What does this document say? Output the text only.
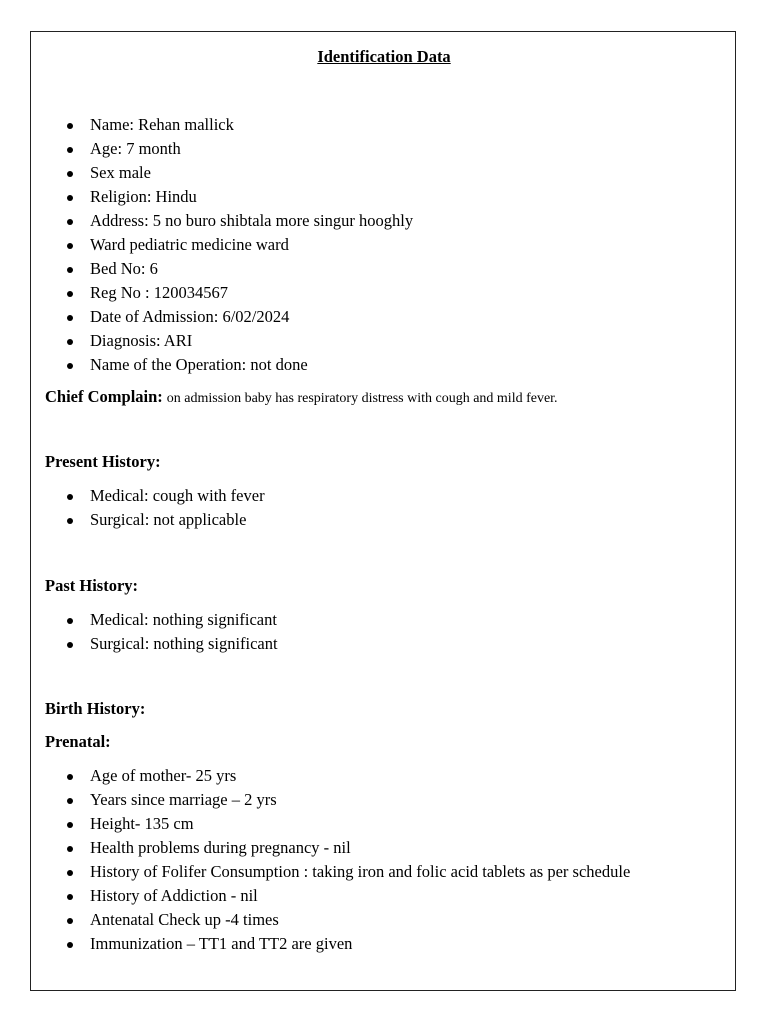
Identification Data
Name: Rehan mallick
Age: 7 month
Sex male
Religion: Hindu
Address: 5 no buro shibtala more singur hooghly
Ward pediatric medicine ward
Bed No: 6
Reg No : 120034567
Date of Admission: 6/02/2024
Diagnosis: ARI
Name of the Operation: not done
Chief Complain: on admission baby has respiratory distress with cough and mild fever.
Present History:
Medical: cough with fever
Surgical: not applicable
Past History:
Medical: nothing significant
Surgical: nothing significant
Birth History:
Prenatal:
Age of mother- 25 yrs
Years since marriage – 2 yrs
Height- 135 cm
Health problems during pregnancy - nil
History of Folifer Consumption : taking iron and folic acid tablets as per schedule
History of Addiction - nil
Antenatal Check up -4 times
Immunization – TT1 and TT2 are given
